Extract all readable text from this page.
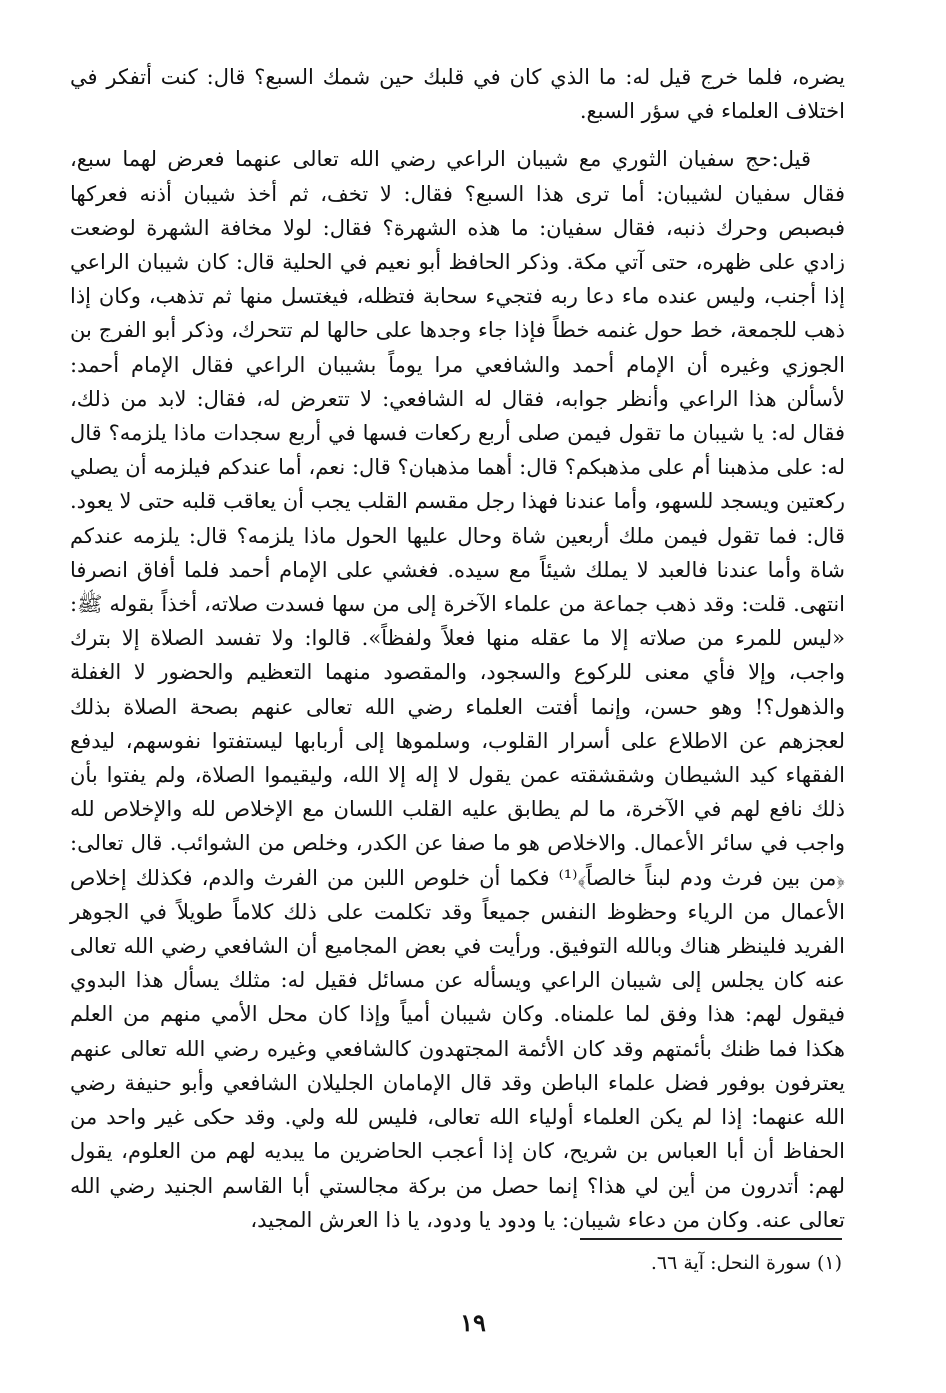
يضره، فلما خرج قيل له: ما الذي كان في قلبك حين شمك السبع؟ قال: كنت أتفكر في اختلاف العلماء في سؤر السبع.

قيل:حج سفيان الثوري مع شيبان الراعي رضي الله تعالى عنهما فعرض لهما سبع، فقال سفيان لشيبان: أما ترى هذا السبع؟ فقال: لا تخف، ثم أخذ شيبان أذنه فعركها فبصبص وحرك ذنبه، فقال سفيان: ما هذه الشهرة؟ فقال: لولا مخافة الشهرة لوضعت زادي على ظهره، حتى آتي مكة. وذكر الحافظ أبو نعيم في الحلية قال: كان شيبان الراعي إذا أجنب، وليس عنده ماء دعا ربه فتجيء سحابة فتظله، فيغتسل منها ثم تذهب، وكان إذا ذهب للجمعة، خط حول غنمه خطاً فإذا جاء وجدها على حالها لم تتحرك، وذكر أبو الفرج بن الجوزي وغيره أن الإمام أحمد والشافعي مرا يوماً بشيبان الراعي فقال الإمام أحمد: لأسألن هذا الراعي وأنظر جوابه، فقال له الشافعي: لا تتعرض له، فقال: لابد من ذلك، فقال له: يا شيبان ما تقول فيمن صلى أربع ركعات فسها في أربع سجدات ماذا يلزمه؟ قال له: على مذهبنا أم على مذهبكم؟ قال: أهما مذهبان؟ قال: نعم، أما عندكم فيلزمه أن يصلي ركعتين ويسجد للسهو، وأما عندنا فهذا رجل مقسم القلب يجب أن يعاقب قلبه حتى لا يعود. قال: فما تقول فيمن ملك أربعين شاة وحال عليها الحول ماذا يلزمه؟ قال: يلزمه عندكم شاة وأما عندنا فالعبد لا يملك شيئاً مع سيده. فغشي على الإمام أحمد فلما أفاق انصرفا انتهى. قلت: وقد ذهب جماعة من علماء الآخرة إلى من سها فسدت صلاته، أخذاً بقوله ﷺ: «ليس للمرء من صلاته إلا ما عقله منها فعلاً ولفظاً». قالوا: ولا تفسد الصلاة إلا بترك واجب، وإلا فأي معنى للركوع والسجود، والمقصود منهما التعظيم والحضور لا الغفلة والذهول؟! وهو حسن، وإنما أفتت العلماء رضي الله تعالى عنهم بصحة الصلاة بذلك لعجزهم عن الاطلاع على أسرار القلوب، وسلموها إلى أربابها ليستفتوا نفوسهم، ليدفع الفقهاء كيد الشيطان وشقشقته عمن يقول لا إله إلا الله، وليقيموا الصلاة، ولم يفتوا بأن ذلك نافع لهم في الآخرة، ما لم يطابق عليه القلب اللسان مع الإخلاص لله والإخلاص لله واجب في سائر الأعمال. والاخلاص هو ما صفا عن الكدر، وخلص من الشوائب. قال تعالى: ﴿من بين فرث ودم لبناً خالصاً﴾⁽¹⁾ فكما أن خلوص اللبن من الفرث والدم، فكذلك إخلاص الأعمال من الرياء وحظوظ النفس جميعاً وقد تكلمت على ذلك كلاماً طويلاً في الجوهر الفريد فلينظر هناك وبالله التوفيق. ورأيت في بعض المجاميع أن الشافعي رضي الله تعالى عنه كان يجلس إلى شيبان الراعي ويسأله عن مسائل فقيل له: مثلك يسأل هذا البدوي فيقول لهم: هذا وفق لما علمناه. وكان شيبان أمياً وإذا كان محل الأمي منهم من العلم هكذا فما ظنك بأئمتهم وقد كان الأئمة المجتهدون كالشافعي وغيره رضي الله تعالى عنهم يعترفون بوفور فضل علماء الباطن وقد قال الإمامان الجليلان الشافعي وأبو حنيفة رضي الله عنهما: إذا لم يكن العلماء أولياء الله تعالى، فليس لله ولي. وقد حكى غير واحد من الحفاظ أن أبا العباس بن شريح، كان إذا أعجب الحاضرين ما يبديه لهم من العلوم، يقول لهم: أتدرون من أين لي هذا؟ إنما حصل من بركة مجالستي أبا القاسم الجنيد رضي الله تعالى عنه. وكان من دعاء شيبان: يا ودود يا ودود، يا ذا العرش المجيد،

(١) سورة النحل: آية ٦٦.
١٩
